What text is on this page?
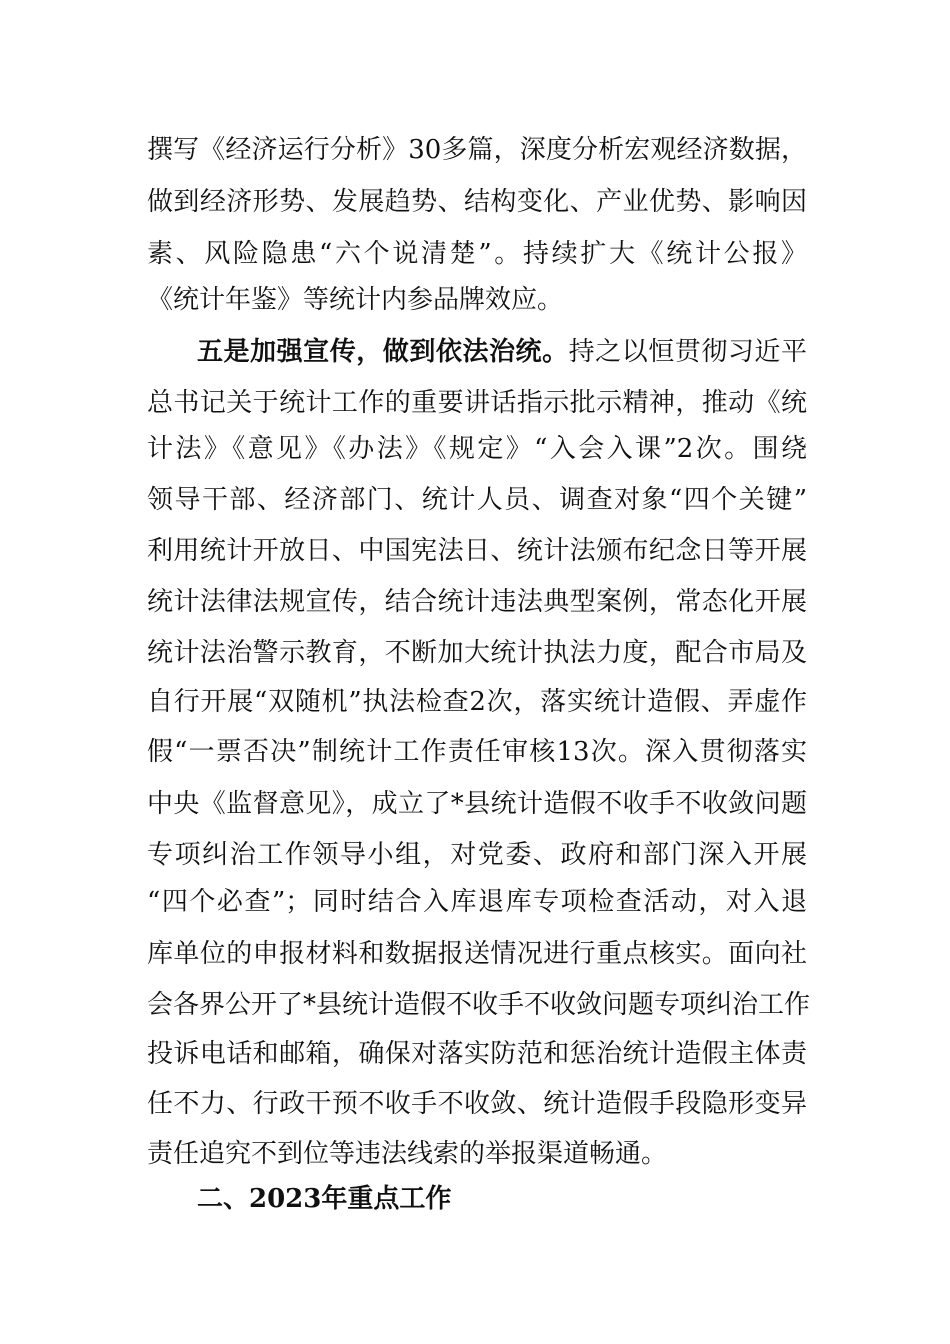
撰写《经济运行分析》30多篇，深度分析宏观经济数据，
做到经济形势、发展趋势、结构变化、产业优势、影响因
素、风险隐患“六个说清楚”。持续扩大《统计公报》
《统计年鉴》等统计内参品牌效应。
五是加强宣传，做到依法治统。持之以恒贯彻习近平
总书记关于统计工作的重要讲话指示批示精神，推动《统
计法》《意见》《办法》《规定》“入会入课”2次。围绕
领导干部、经济部门、统计人员、调查对象“四个关键”
利用统计开放日、中国宪法日、统计法颁布纪念日等开展
统计法律法规宣传，结合统计违法典型案例，常态化开展
统计法治警示教育，不断加大统计执法力度，配合市局及
自行开展“双随机”执法检查2次，落实统计造假、弄虚作
假“一票否决”制统计工作责任审核13次。深入贯彻落实
中央《监督意见》，成立了*县统计造假不收手不收敛问题
专项纠治工作领导小组，对党委、政府和部门深入开展
“四个必查”；同时结合入库退库专项检查活动，对入退
库单位的申报材料和数据报送情况进行重点核实。面向社
会各界公开了*县统计造假不收手不收敛问题专项纠治工作
投诉电话和邮箱，确保对落实防范和惩治统计造假主体责
任不力、行政干预不收手不收敛、统计造假手段隐形变异
责任追究不到位等违法线索的举报渠道畅通。
二、2023年重点工作
